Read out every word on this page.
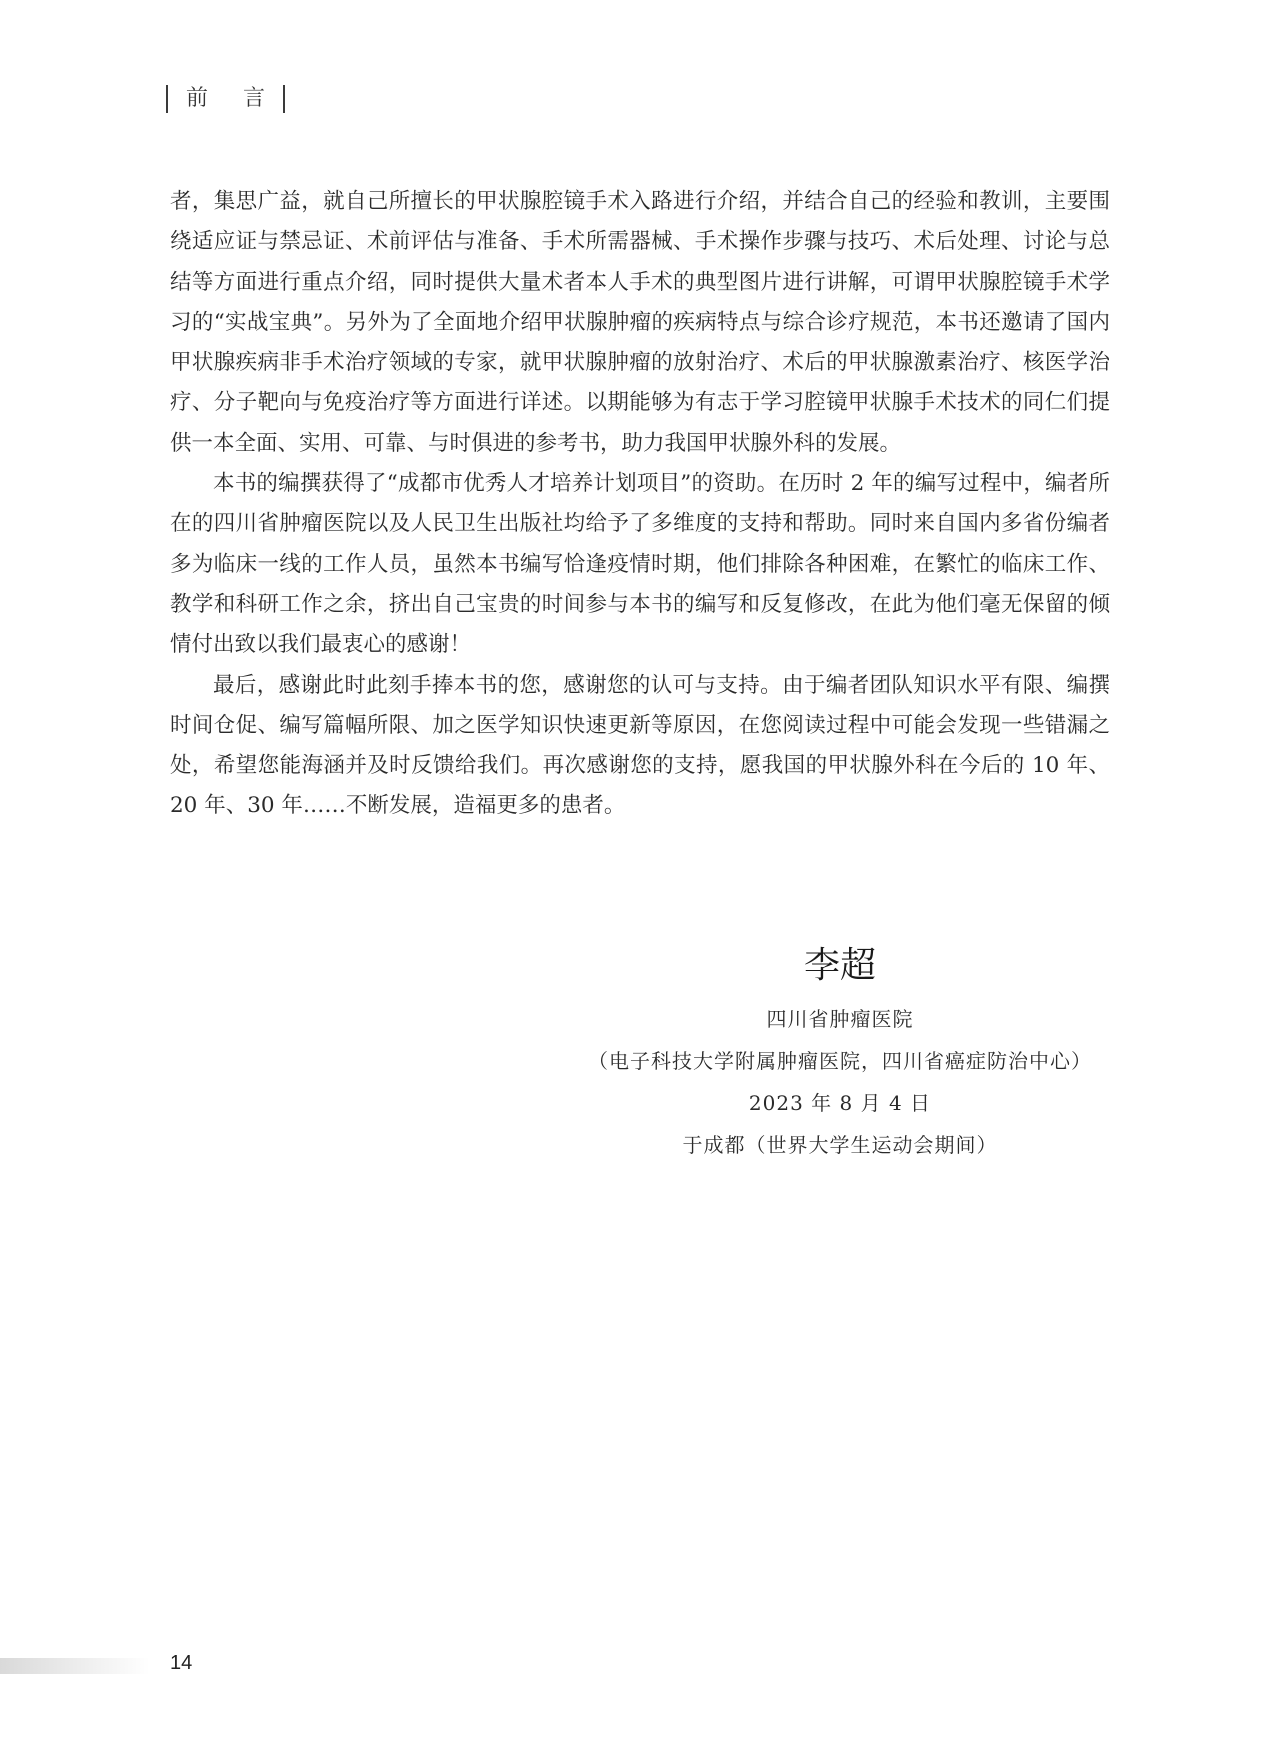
前 言

者，集思广益，就自己所擅长的甲状腺腔镜手术入路进行介绍，并结合自己的经验和教训，主要围绕适应证与禁忌证、术前评估与准备、手术所需器械、手术操作步骤与技巧、术后处理、讨论与总结等方面进行重点介绍，同时提供大量术者本人手术的典型图片进行讲解，可谓甲状腺腔镜手术学习的“实战宝典”。另外为了全面地介绍甲状腺肿瘤的疾病特点与综合诊疗规范，本书还邀请了国内甲状腺疾病非手术治疗领域的专家，就甲状腺肿瘤的放射治疗、术后的甲状腺激素治疗、核医学治疗、分子靶向与免疫治疗等方面进行详述。以期能够为有志于学习腔镜甲状腺手术技术的同仁们提供一本全面、实用、可靠、与时俱进的参考书，助力我国甲状腺外科的发展。

本书的编撰获得了“成都市优秀人才培养计划项目”的资助。在历时 2 年的编写过程中，编者所在的四川省肿瘤医院以及人民卫生出版社均给予了多维度的支持和帮助。同时来自国内多省份编者多为临床一线的工作人员，虽然本书编写恰逢疫情时期，他们排除各种困难，在繁忙的临床工作、教学和科研工作之余，挤出自己宝贵的时间参与本书的编写和反复修改，在此为他们毫无保留的倾情付出致以我们最衷心的感谢！

最后，感谢此时此刻手捧本书的您，感谢您的认可与支持。由于编者团队知识水平有限、编撰时间仓促、编写篇幅所限、加之医学知识快速更新等原因，在您阅读过程中可能会发现一些错漏之处，希望您能海涵并及时反馈给我们。再次感谢您的支持，愿我国的甲状腺外科在今后的 10 年、20 年、30 年……不断发展，造福更多的患者。

李超
四川省肿瘤医院
（电子科技大学附属肿瘤医院，四川省癌症防治中心）
2023 年 8 月 4 日
于成都（世界大学生运动会期间）
14
